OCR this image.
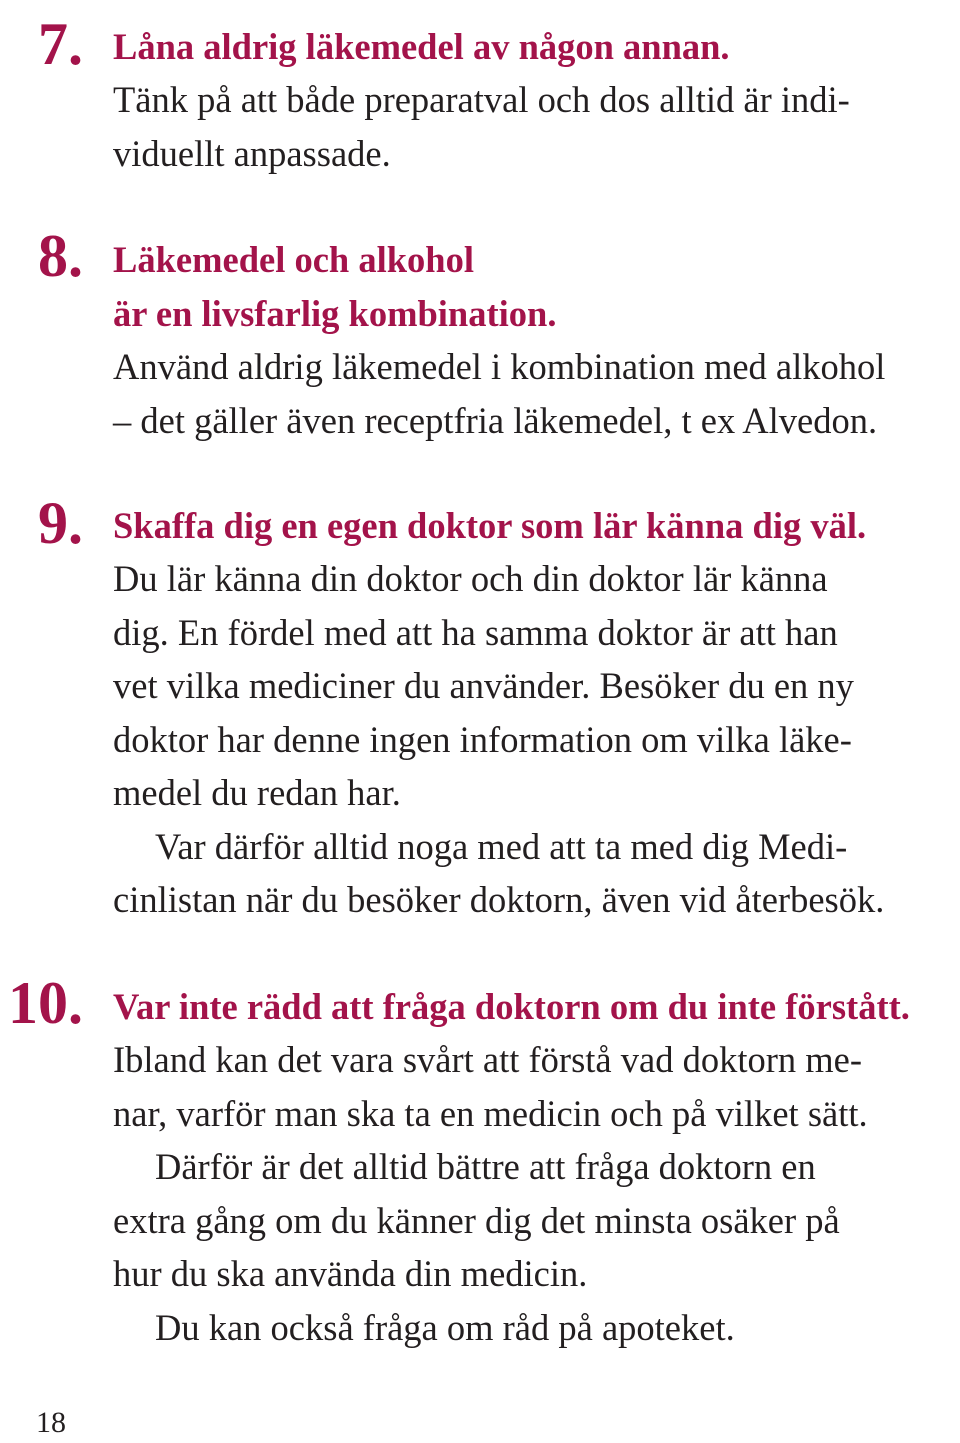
7. Låna aldrig läkemedel av någon annan.
Tänk på att både preparatval och dos alltid är indi-
viduellt anpassade.
8. Läkemedel och alkohol
är en livsfarlig kombination.
Använd aldrig läkemedel i kombination med alkohol
– det gäller även receptfria läkemedel, t ex Alvedon.
9. Skaffa dig en egen doktor som lär känna dig väl.
Du lär känna din doktor och din doktor lär känna
dig. En fördel med att ha samma doktor är att han
vet vilka mediciner du använder. Besöker du en ny
doktor har denne ingen information om vilka läke-
medel du redan har.
Var därför alltid noga med att ta med dig Medi-
cinlistan när du besöker doktorn, även vid återbesök.
10. Var inte rädd att fråga doktorn om du inte förstått.
Ibland kan det vara svårt att förstå vad doktorn me-
nar, varför man ska ta en medicin och på vilket sätt.
Därför är det alltid bättre att fråga doktorn en
extra gång om du känner dig det minsta osäker på
hur du ska använda din medicin.
Du kan också fråga om råd på apoteket.
18
